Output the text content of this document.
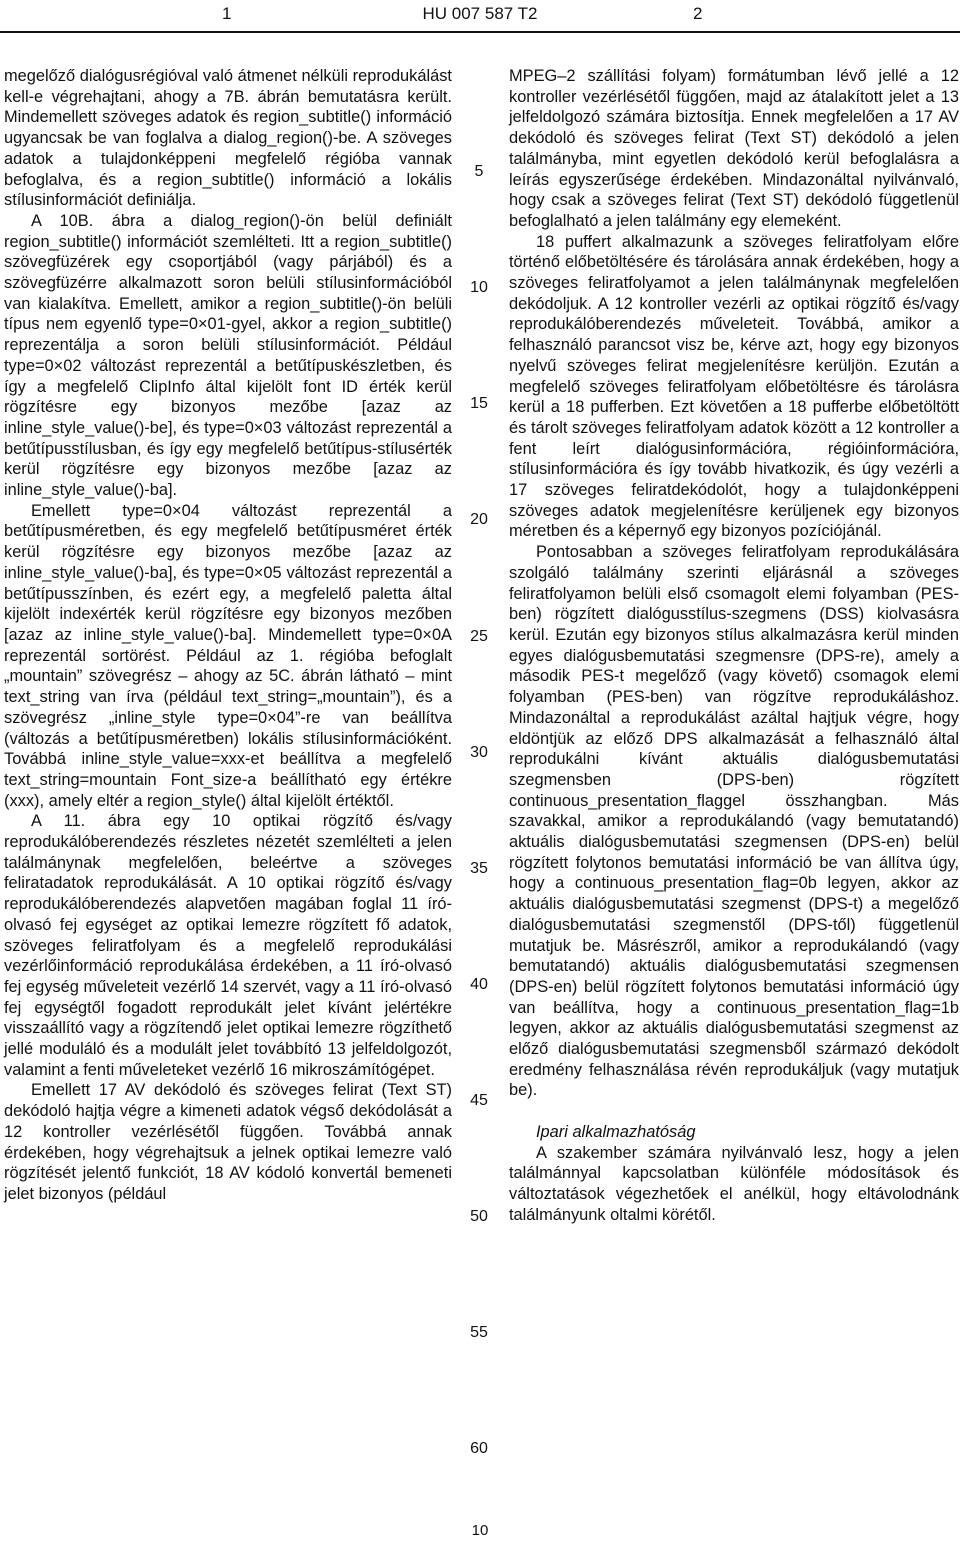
1	HU 007 587 T2	2

megelőző dialógusrégióval való átmenet nélküli reprodukálást kell-e végrehajtani, ahogy a 7B. ábrán bemutatásra került. Mindemellett szöveges adatok és region_subtitle() információ ugyancsak be van foglalva a dialog_region()-be. A szöveges adatok a tulajdonképpeni megfelelő régióba vannak befoglalva, és a region_subtitle() információ a lokális stílusinformációt definiálja.

A 10B. ábra a dialog_region()-ön belül definiált region_subtitle() információt szemlélteti. Itt a region_subtitle() szövegfüzérek egy csoportjából (vagy párjából) és a szövegfüzérre alkalmazott soron belüli stílusinformációból van kialakítva. Emellett, amikor a region_subtitle()-ön belüli típus nem egyenlő type=0×01-gyel, akkor a region_subtitle() reprezentálja a soron belüli stílusinformációt. Például type=0×02 változást reprezentál a betűtípuskészletben, és így a megfelelő ClipInfo által kijelölt font ID érték kerül rögzítésre egy bizonyos mezőbe [azaz az inline_style_value()-be], és type=0×03 változást reprezentál a betűtípusstílusban, és így egy megfelelő betűtípus-stílusérték kerül rögzítésre egy bizonyos mezőbe [azaz az inline_style_value()-ba].

Emellett type=0×04 változást reprezentál a betűtípusméretben, és egy megfelelő betűtípusméret érték kerül rögzítésre egy bizonyos mezőbe [azaz az inline_style_value()-ba], és type=0×05 változást reprezentál a betűtípusszínben, és ezért egy, a megfelelő paletta által kijelölt indexérték kerül rögzítésre egy bizonyos mezőben [azaz az inline_style_value()-ba]. Mindemellett type=0×0A reprezentál sortörést. Például az 1. régióba befoglalt „mountain” szövegrész – ahogy az 5C. ábrán látható – mint text_string van írva (például text_string=„mountain”), és a szövegrész „inline_style type=0×04”-re van beállítva (változás a betűtípusméretben) lokális stílusinformációként. Továbbá inline_style_value=xxx-et beállítva a megfelelő text_string=mountain Font_size-a beállítható egy értékre (xxx), amely eltér a region_style() által kijelölt értéktől.

A 11. ábra egy 10 optikai rögzítő és/vagy reprodukálóberendezés részletes nézetét szemlélteti a jelen találmánynak megfelelően, beleértve a szöveges feliratadatok reprodukálását. A 10 optikai rögzítő és/vagy reprodukálóberendezés alapvetően magában foglal 11 író-olvasó fej egységet az optikai lemezre rögzített fő adatok, szöveges feliratfolyam és a megfelelő reprodukálási vezérlőinformáció reprodukálása érdekében, a 11 író-olvasó fej egység műveleteit vezérlő 14 szervét, vagy a 11 író-olvasó fej egységtől fogadott reprodukált jelet kívánt jelértékre visszaállító vagy a rögzítendő jelet optikai lemezre rögzíthető jellé moduláló és a modulált jelet továbbító 13 jelfeldolgozót, valamint a fenti műveleteket vezérlő 16 mikroszámítógépet.

Emellett 17 AV dekódoló és szöveges felirat (Text ST) dekódoló hajtja végre a kimeneti adatok végső dekódolását a 12 kontroller vezérlésétől függően. Továbbá annak érdekében, hogy végrehajtsuk a jelnek optikai lemezre való rögzítését jelentő funkciót, 18 AV kódoló konvertál bemeneti jelet bizonyos (például

MPEG–2 szállítási folyam) formátumban lévő jellé a 12 kontroller vezérlésétől függően, majd az átalakított jelet a 13 jelfeldolgozó számára biztosítja. Ennek megfelelően a 17 AV dekódoló és szöveges felirat (Text ST) dekódoló a jelen találmányba, mint egyetlen dekódoló kerül befoglalásra a leírás egyszerűsége érdekében. Mindazonáltal nyilvánvaló, hogy csak a szöveges felirat (Text ST) dekódoló függetlenül befoglalható a jelen találmány egy elemeként.

18 puffert alkalmazunk a szöveges feliratfolyam előre történő előbetöltésére és tárolására annak érdekében, hogy a szöveges feliratfolyamot a jelen találmánynak megfelelően dekódoljuk. A 12 kontroller vezérli az optikai rögzítő és/vagy reprodukálóberendezés műveleteit. Továbbá, amikor a felhasználó parancsot visz be, kérve azt, hogy egy bizonyos nyelvű szöveges felirat megjelenítésre kerüljön. Ezután a megfelelő szöveges feliratfolyam előbetöltésre és tárolásra kerül a 18 pufferben. Ezt követően a 18 pufferbe előbetöltött és tárolt szöveges feliratfolyam adatok között a 12 kontroller a fent leírt dialógusinformációra, régióinformációra, stílusinformációra és így tovább hivatkozik, és úgy vezérli a 17 szöveges feliratdekódolót, hogy a tulajdonképpeni szöveges adatok megjelenítésre kerüljenek egy bizonyos méretben és a képernyő egy bizonyos pozíciójánál.

Pontosabban a szöveges feliratfolyam reprodukálására szolgáló találmány szerinti eljárásnál a szöveges feliratfolyamon belüli első csomagolt elemi folyamban (PES-ben) rögzített dialógusstílus-szegmens (DSS) kiolvasásra kerül. Ezután egy bizonyos stílus alkalmazásra kerül minden egyes dialógusbemutatási szegmensre (DPS-re), amely a második PES-t megelőző (vagy követő) csomagok elemi folyamban (PES-ben) van rögzítve reprodukáláshoz. Mindazonáltal a reprodukálást azáltal hajtjuk végre, hogy eldöntjük az előző DPS alkalmazását a felhasználó által reprodukálni kívánt aktuális dialógusbemutatási szegmensben (DPS-ben) rögzített continuous_presentation_flaggel összhangban. Más szavakkal, amikor a reprodukálandó (vagy bemutatandó) aktuális dialógusbemutatási szegmensen (DPS-en) belül rögzített folytonos bemutatási információ be van állítva úgy, hogy a continuous_presentation_flag=0b legyen, akkor az aktuális dialógusbemutatási szegmenst (DPS-t) a megelőző dialógusbemutatási szegmenstől (DPS-től) függetlenül mutatjuk be. Másrészről, amikor a reprodukálandó (vagy bemutatandó) aktuális dialógusbemutatási szegmensen (DPS-en) belül rögzített folytonos bemutatási információ úgy van beállítva, hogy a continuous_presentation_flag=1b legyen, akkor az aktuális dialógusbemutatási szegmenst az előző dialógusbemutatási szegmensből származó dekódolt eredmény felhasználása révén reprodukáljuk (vagy mutatjuk be).

Ipari alkalmazhatóság

A szakember számára nyilvánvaló lesz, hogy a jelen találmánnyal kapcsolatban különféle módosítások és változtatások végezhetőek el anélkül, hogy eltávolodnánk találmányunk oltalmi körétől.

5
10
15
20
25
30
35
40
45
50
55
60
10
